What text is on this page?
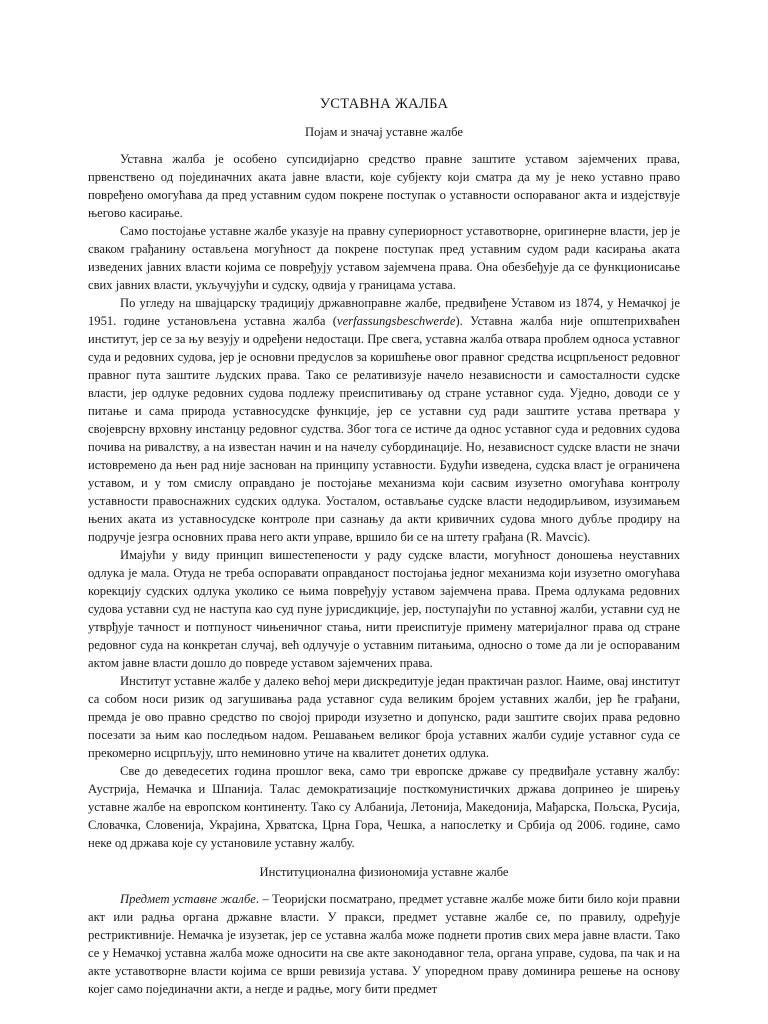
УСТАВНА ЖАЛБА
Појам и значај уставне жалбе

Уставна жалба је особено супсидијарно средство правне заштите уставом зајемчених права, првенствено од појединачних аката јавне власти, које субјекту који сматра да му је неко уставно право повређено омогућава да пред уставним судом покрене поступак о уставности оспораваног акта и издејствује његово касирање.

Само постојање уставне жалбе указује на правну супериорност уставотворне, оригинерне власти, јер је сваком грађанину остављена могућност да покрене поступак пред уставним судом ради касирања аката изведених јавних власти којима се повређују уставом зајемчена права. Она обезбеђује да се функционисање свих јавних власти, укључујући и судску, одвија у границама устава.

По угледу на швајцарску традицију државноправне жалбе, предвиђене Уставом из 1874, у Немачкој је 1951. године установљена уставна жалба (verfassungsbeschwerde). Уставна жалба није општеприхваћен институт, јер се за њу везују и одређени недостаци. Пре свега, уставна жалба отвара проблем односа уставног суда и редовних судова, јер је основни предуслов за коришћење овог правног средства исцрпљеност редовног правног пута заштите људских права. Тако се релативизује начело независности и самосталности судске власти, јер одлуке редовних судова подлежу преиспитивању од стране уставног суда. Уједно, доводи се у питање и сама природа уставносудске функције, јер се уставни суд ради заштите устава претвара у својеврсну врховну инстанцу редовног судства. Због тога се истиче да однос уставног суда и редовних судова почива на ривалству, а на известан начин и на начелу субординације. Но, независност судске власти не значи истовремено да њен рад није заснован на принципу уставности. Будући изведена, судска власт је ограничена уставом, и у том смислу оправдано је постојање механизма који сасвим изузетно омогућава контролу уставности правоснажних судских одлука. Уосталом, остављање судске власти недодирљивом, изузимањем њених аката из уставносудске контроле при сазнању да акти кривичних судова много дубље продиру на подручје језгра основних права него акти управе, вршило би се на штету грађана (R. Mavcic).

Имајући у виду принцип вишестепености у раду судске власти, могућност доношења неуставних одлука је мала. Отуда не треба оспоравати оправданост постојања једног механизма који изузетно омогућава корекцију судских одлука уколико се њима повређују уставом зајемчена права. Према одлукама редовних судова уставни суд не наступа као суд пуне јурисдикције, јер, поступајући по уставној жалби, уставни суд не утврђује тачност и потпуност чињеничног стања, нити преиспитује примену материјалног права од стране редовног суда на конкретан случај, већ одлучује о уставним питањима, односно о томе да ли је оспораваним актом јавне власти дошло до повреде уставом зајемчених права.

Институт уставне жалбе у далеко већој мери дискредитује један практичан разлог. Наиме, овај институт са собом носи ризик од загушивања рада уставног суда великим бројем уставних жалби, јер ће грађани, премда је ово правно средство по својој природи изузетно и допунско, ради заштите својих права редовно посезати за њим као последњом надом. Решавањем великог броја уставних жалби судије уставног суда се прекомерно исцрпљују, што неминовно утиче на квалитет донетих одлука.

Све до деведесетих година прошлог века, само три европске државе су предвиђале уставну жалбу: Аустрија, Немачка и Шпанија. Талас демократизације посткомунистичких држава допринео је ширењу уставне жалбе на европском континенту. Тако су Албанија, Летонија, Македонија, Мађарска, Пољска, Русија, Словачка, Словенија, Украјина, Хрватска, Црна Гора, Чешка, а напослетку и Србија од 2006. године, само неке од држава које су установиле уставну жалбу.

Институционална физиономија уставне жалбе

Предмет уставне жалбе. – Теоријски посматрано, предмет уставне жалбе може бити било који правни акт или радња органа државне власти. У пракси, предмет уставне жалбе се, по правилу, одређује рестриктивније. Немачка је изузетак, јер се уставна жалба може поднети против свих мера јавне власти. Тако се у Немачкој уставна жалба може односити на све акте законодавног тела, органа управе, судова, па чак и на акте уставотворне власти којима се врши ревизија устава. У упоредном праву доминира решење на основу којег само појединачни акти, а негде и радње, могу бити предмет
